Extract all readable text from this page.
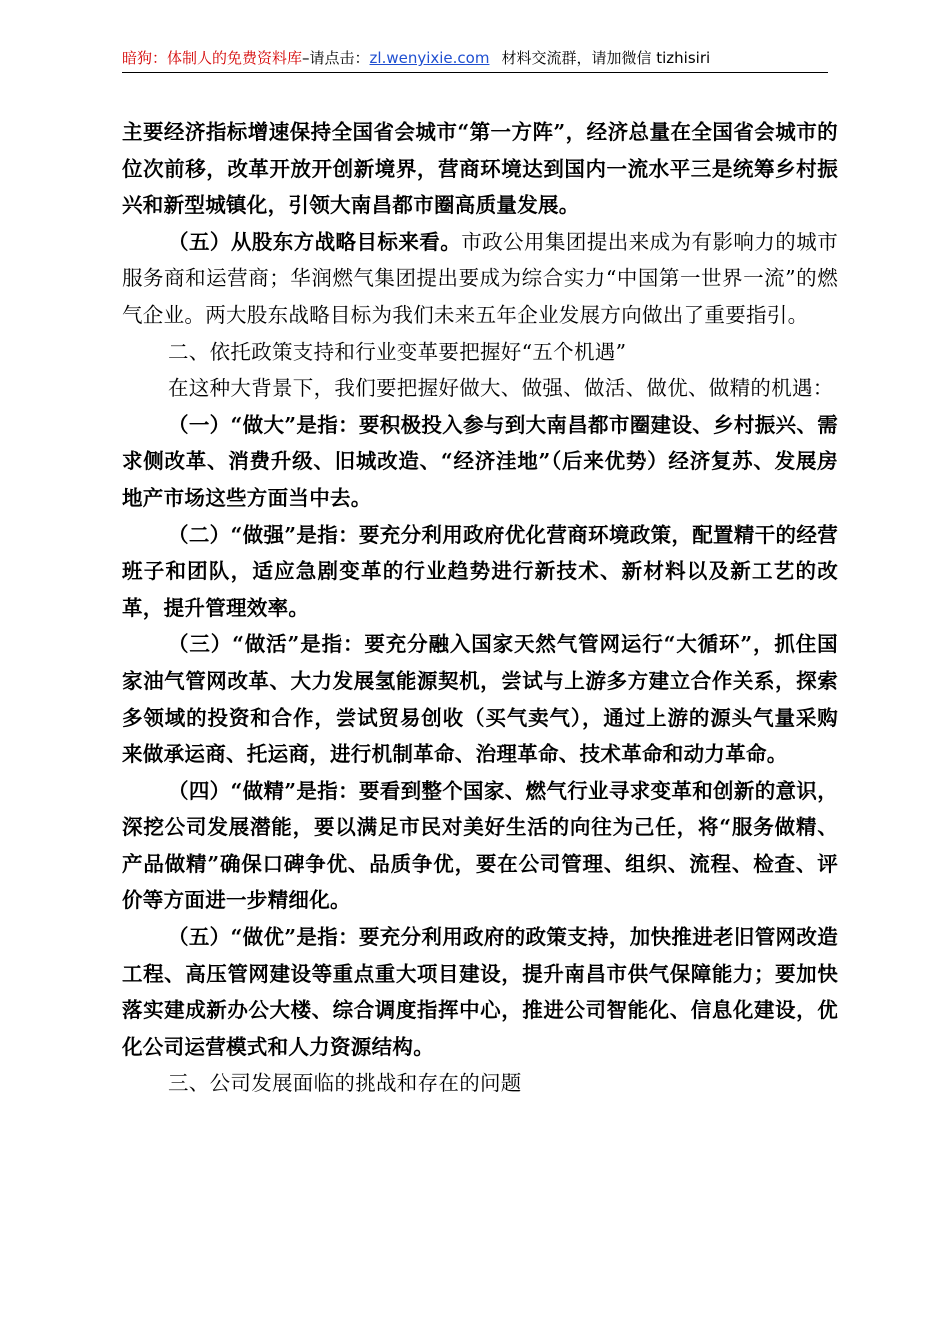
暗狗：体制人的免费资料库–请点击：zl.wenyixie.com 材料交流群，请加微信 tizhisiri

主要经济指标增速保持全国省会城市“第一方阵”，经济总量在全国省会城市的位次前移，改革开放开创新境界，营商环境达到国内一流水平三是统筹乡村振兴和新型城镇化，引领大南昌都市圈高质量发展。

（五）从股东方战略目标来看。市政公用集团提出来成为有影响力的城市服务商和运营商；华润燃气集团提出要成为综合实力“中国第一世界一流”的燃气企业。两大股东战略目标为我们未来五年企业发展方向做出了重要指引。

二、依托政策支持和行业变革要把握好“五个机遇”

在这种大背景下，我们要把握好做大、做强、做活、做优、做精的机遇：

（一）“做大”是指：要积极投入参与到大南昌都市圈建设、乡村振兴、需求侧改革、消费升级、旧城改造、“经济洼地”（后来优势）经济复苏、发展房地产市场这些方面当中去。

（二）“做强”是指：要充分利用政府优化营商环境政策，配置精干的经营班子和团队，适应急剧变革的行业趋势进行新技术、新材料以及新工艺的改革，提升管理效率。

（三）“做活”是指：要充分融入国家天然气管网运行“大循环”，抓住国家油气管网改革、大力发展氢能源契机，尝试与上游多方建立合作关系，探索多领域的投资和合作，尝试贸易创收（买气卖气），通过上游的源头气量采购来做承运商、托运商，进行机制革命、治理革命、技术革命和动力革命。

（四）“做精”是指：要看到整个国家、燃气行业寻求变革和创新的意识，深挖公司发展潜能，要以满足市民对美好生活的向往为己任，将“服务做精、产品做精”确保口碑争优、品质争优，要在公司管理、组织、流程、检查、评价等方面进一步精细化。

（五）“做优”是指：要充分利用政府的政策支持，加快推进老旧管网改造工程、高压管网建设等重点重大项目建设，提升南昌市供气保障能力；要加快落实建成新办公大楼、综合调度指挥中心，推进公司智能化、信息化建设，优化公司运营模式和人力资源结构。

三、公司发展面临的挑战和存在的问题
